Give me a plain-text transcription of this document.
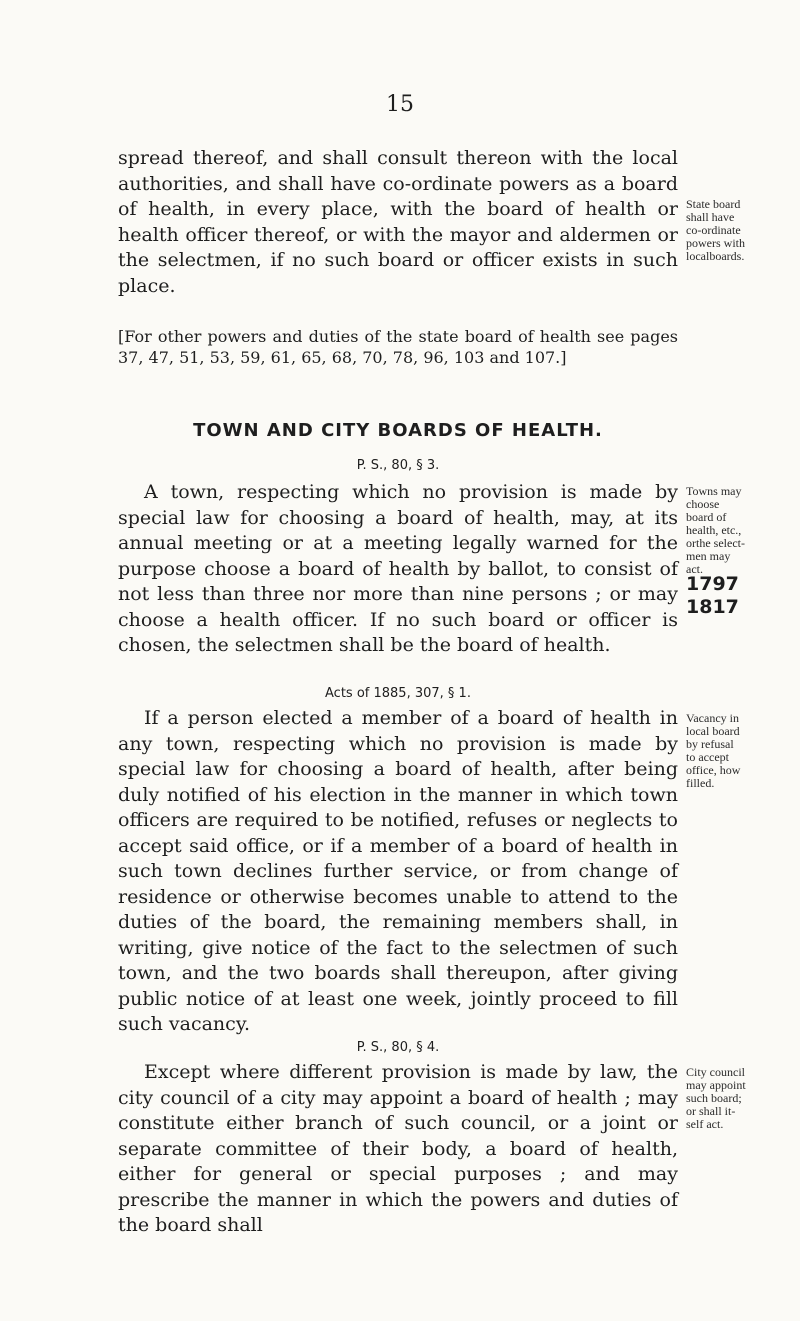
15

spread thereof, and shall consult thereon with the local authorities, and shall have co-ordinate powers as a board of health, in every place, with the board of health or health officer thereof, or with the mayor and aldermen or the selectmen, if no such board or officer exists in such place.

State board
shall have
co-ordinate
powers with
localboards.

[For other powers and duties of the state board of health see pages 37, 47, 51, 53, 59, 61, 65, 68, 70, 78, 96, 103 and 107.]

TOWN AND CITY BOARDS OF HEALTH.
P. S., 80, § 3.

A town, respecting which no provision is made by special law for choosing a board of health, may, at its annual meeting or at a meeting legally warned for the purpose choose a board of health by ballot, to consist of not less than three nor more than nine persons ; or may choose a health officer. If no such board or officer is chosen, the selectmen shall be the board of health.

Towns may
choose
board of
health, etc.,
orthe select-
men may
act.
1797
1817
Acts of 1885, 307, § 1.

If a person elected a member of a board of health in any town, respecting which no provision is made by special law for choosing a board of health, after being duly notified of his election in the manner in which town officers are required to be notified, refuses or neglects to accept said office, or if a member of a board of health in such town declines further service, or from change of residence or otherwise becomes unable to attend to the duties of the board, the remaining members shall, in writing, give notice of the fact to the selectmen of such town, and the two boards shall thereupon, after giving public notice of at least one week, jointly proceed to fill such vacancy.

Vacancy in
local board
by refusal
to accept
office, how
filled.
P. S., 80, § 4.

Except where different provision is made by law, the city council of a city may appoint a board of health ; may constitute either branch of such council, or a joint or separate committee of their body, a board of health, either for general or special purposes ; and may prescribe the manner in which the powers and duties of the board shall

City council
may appoint
such board;
or shall it-
self act.
